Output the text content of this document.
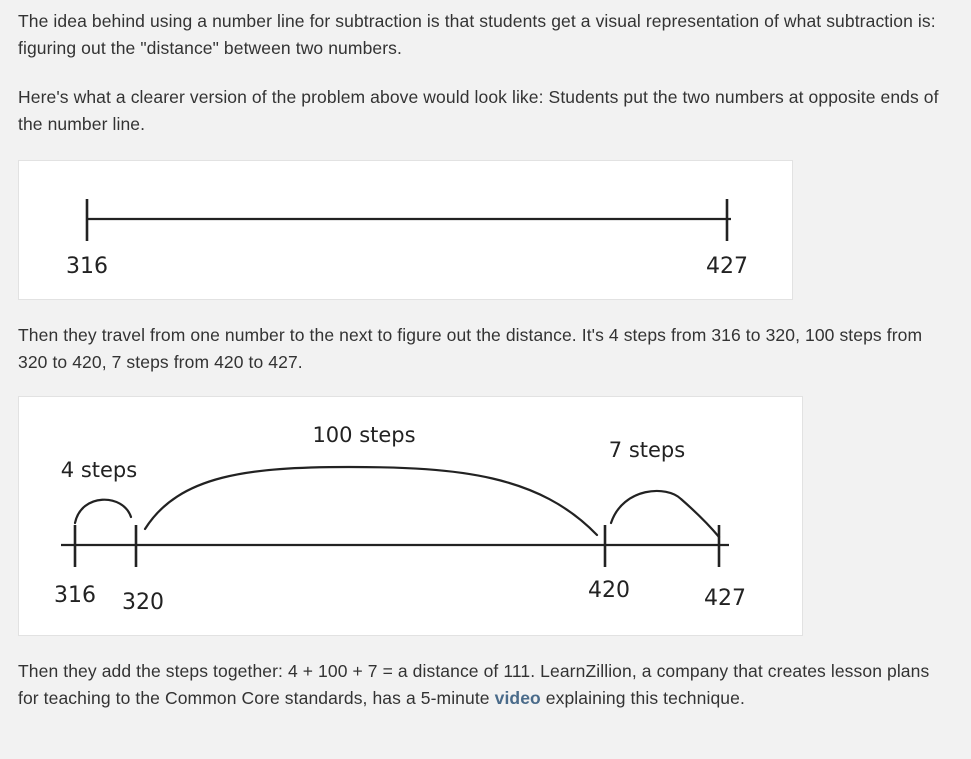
The idea behind using a number line for subtraction is that students get a visual representation of what subtraction is: figuring out the "distance" between two numbers.

Here's what a clearer version of the problem above would look like: Students put the two numbers at opposite ends of the number line.

316	427

Then they travel from one number to the next to figure out the distance. It's 4 steps from 316 to 320, 100 steps from 320 to 420, 7 steps from 420 to 427.

4 steps
100 steps
7 steps
316 320	420	427

Then they add the steps together: 4 + 100 + 7 = a distance of 111. LearnZillion, a company that creates lesson plans for teaching to the Common Core standards, has a 5-minute video explaining this technique.
